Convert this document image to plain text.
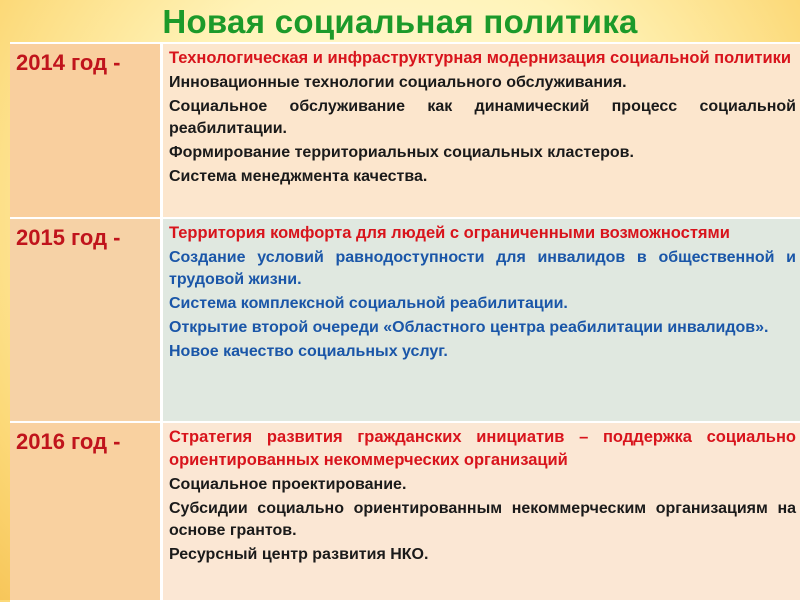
Новая социальная политика
2014 год -	Технологическая и инфраструктурная модернизация социальной политики
Инновационные технологии социального обслуживания.
Социальное обслуживание как динамический процесс социальной реабилитации.
Формирование территориальных социальных кластеров.
Система менеджмента качества.

2015 год -	Территория комфорта для людей с ограниченными возможностями
Создание условий равнодоступности для инвалидов в общественной и трудовой жизни.
Система комплексной социальной реабилитации.
Открытие второй очереди «Областного центра реабилитации инвалидов».
Новое качество социальных услуг.

2016 год -	Стратегия развития гражданских инициатив – поддержка социально ориентированных некоммерческих организаций
Социальное проектирование.
Субсидии социально ориентированным некоммерческим организациям на основе грантов.
Ресурсный центр развития НКО.
